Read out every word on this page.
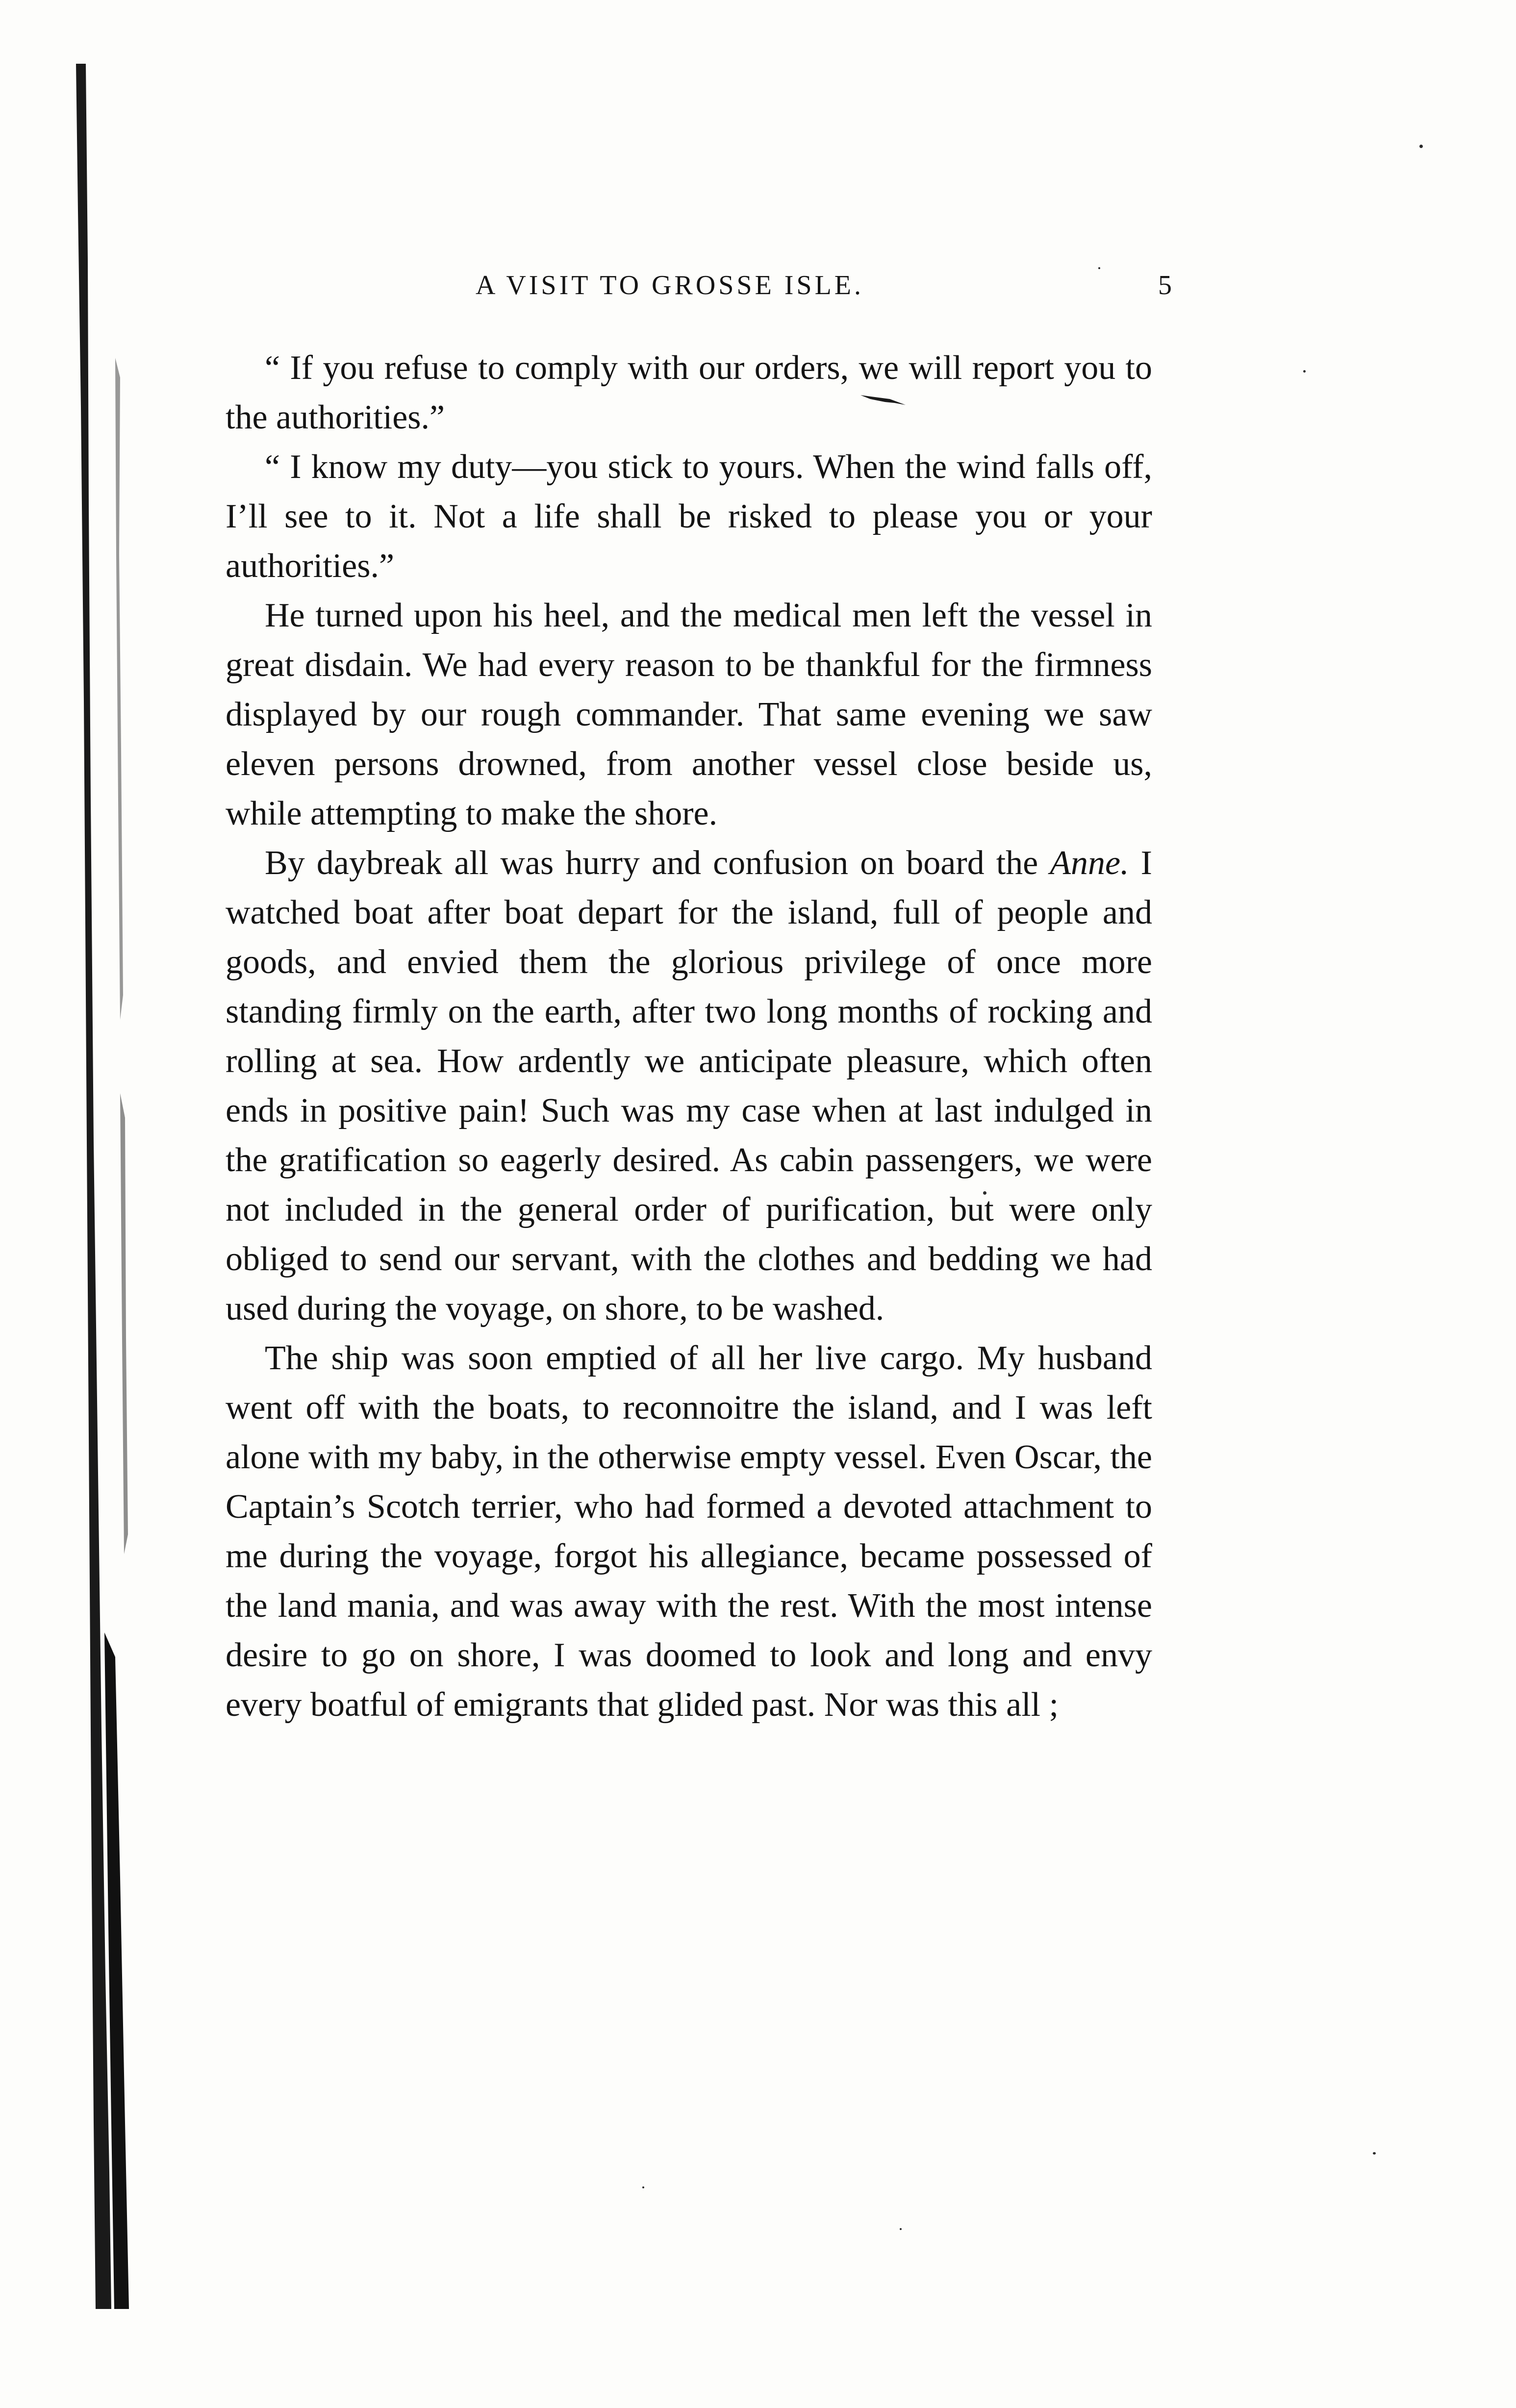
A VISIT TO GROSSE ISLE.	5

“ If you refuse to comply with our orders, we will report you to the authorities.”

“ I know my duty—you stick to yours. When the wind falls off, I’ll see to it. Not a life shall be risked to please you or your authorities.”

He turned upon his heel, and the medical men left the vessel in great disdain. We had every reason to be thankful for the firmness displayed by our rough commander. That same evening we saw eleven persons drowned, from another vessel close beside us, while attempting to make the shore.

By daybreak all was hurry and confusion on board the Anne. I watched boat after boat depart for the island, full of people and goods, and envied them the glorious privilege of once more standing firmly on the earth, after two long months of rocking and rolling at sea. How ardently we anticipate pleasure, which often ends in positive pain! Such was my case when at last indulged in the gratification so eagerly desired. As cabin passengers, we were not included in the general order of purification, but were only obliged to send our servant, with the clothes and bedding we had used during the voyage, on shore, to be washed.

The ship was soon emptied of all her live cargo. My husband went off with the boats, to reconnoitre the island, and I was left alone with my baby, in the otherwise empty vessel. Even Oscar, the Captain’s Scotch terrier, who had formed a devoted attachment to me during the voyage, forgot his allegiance, became possessed of the land mania, and was away with the rest. With the most intense desire to go on shore, I was doomed to look and long and envy every boatful of emigrants that glided past. Nor was this all ;
